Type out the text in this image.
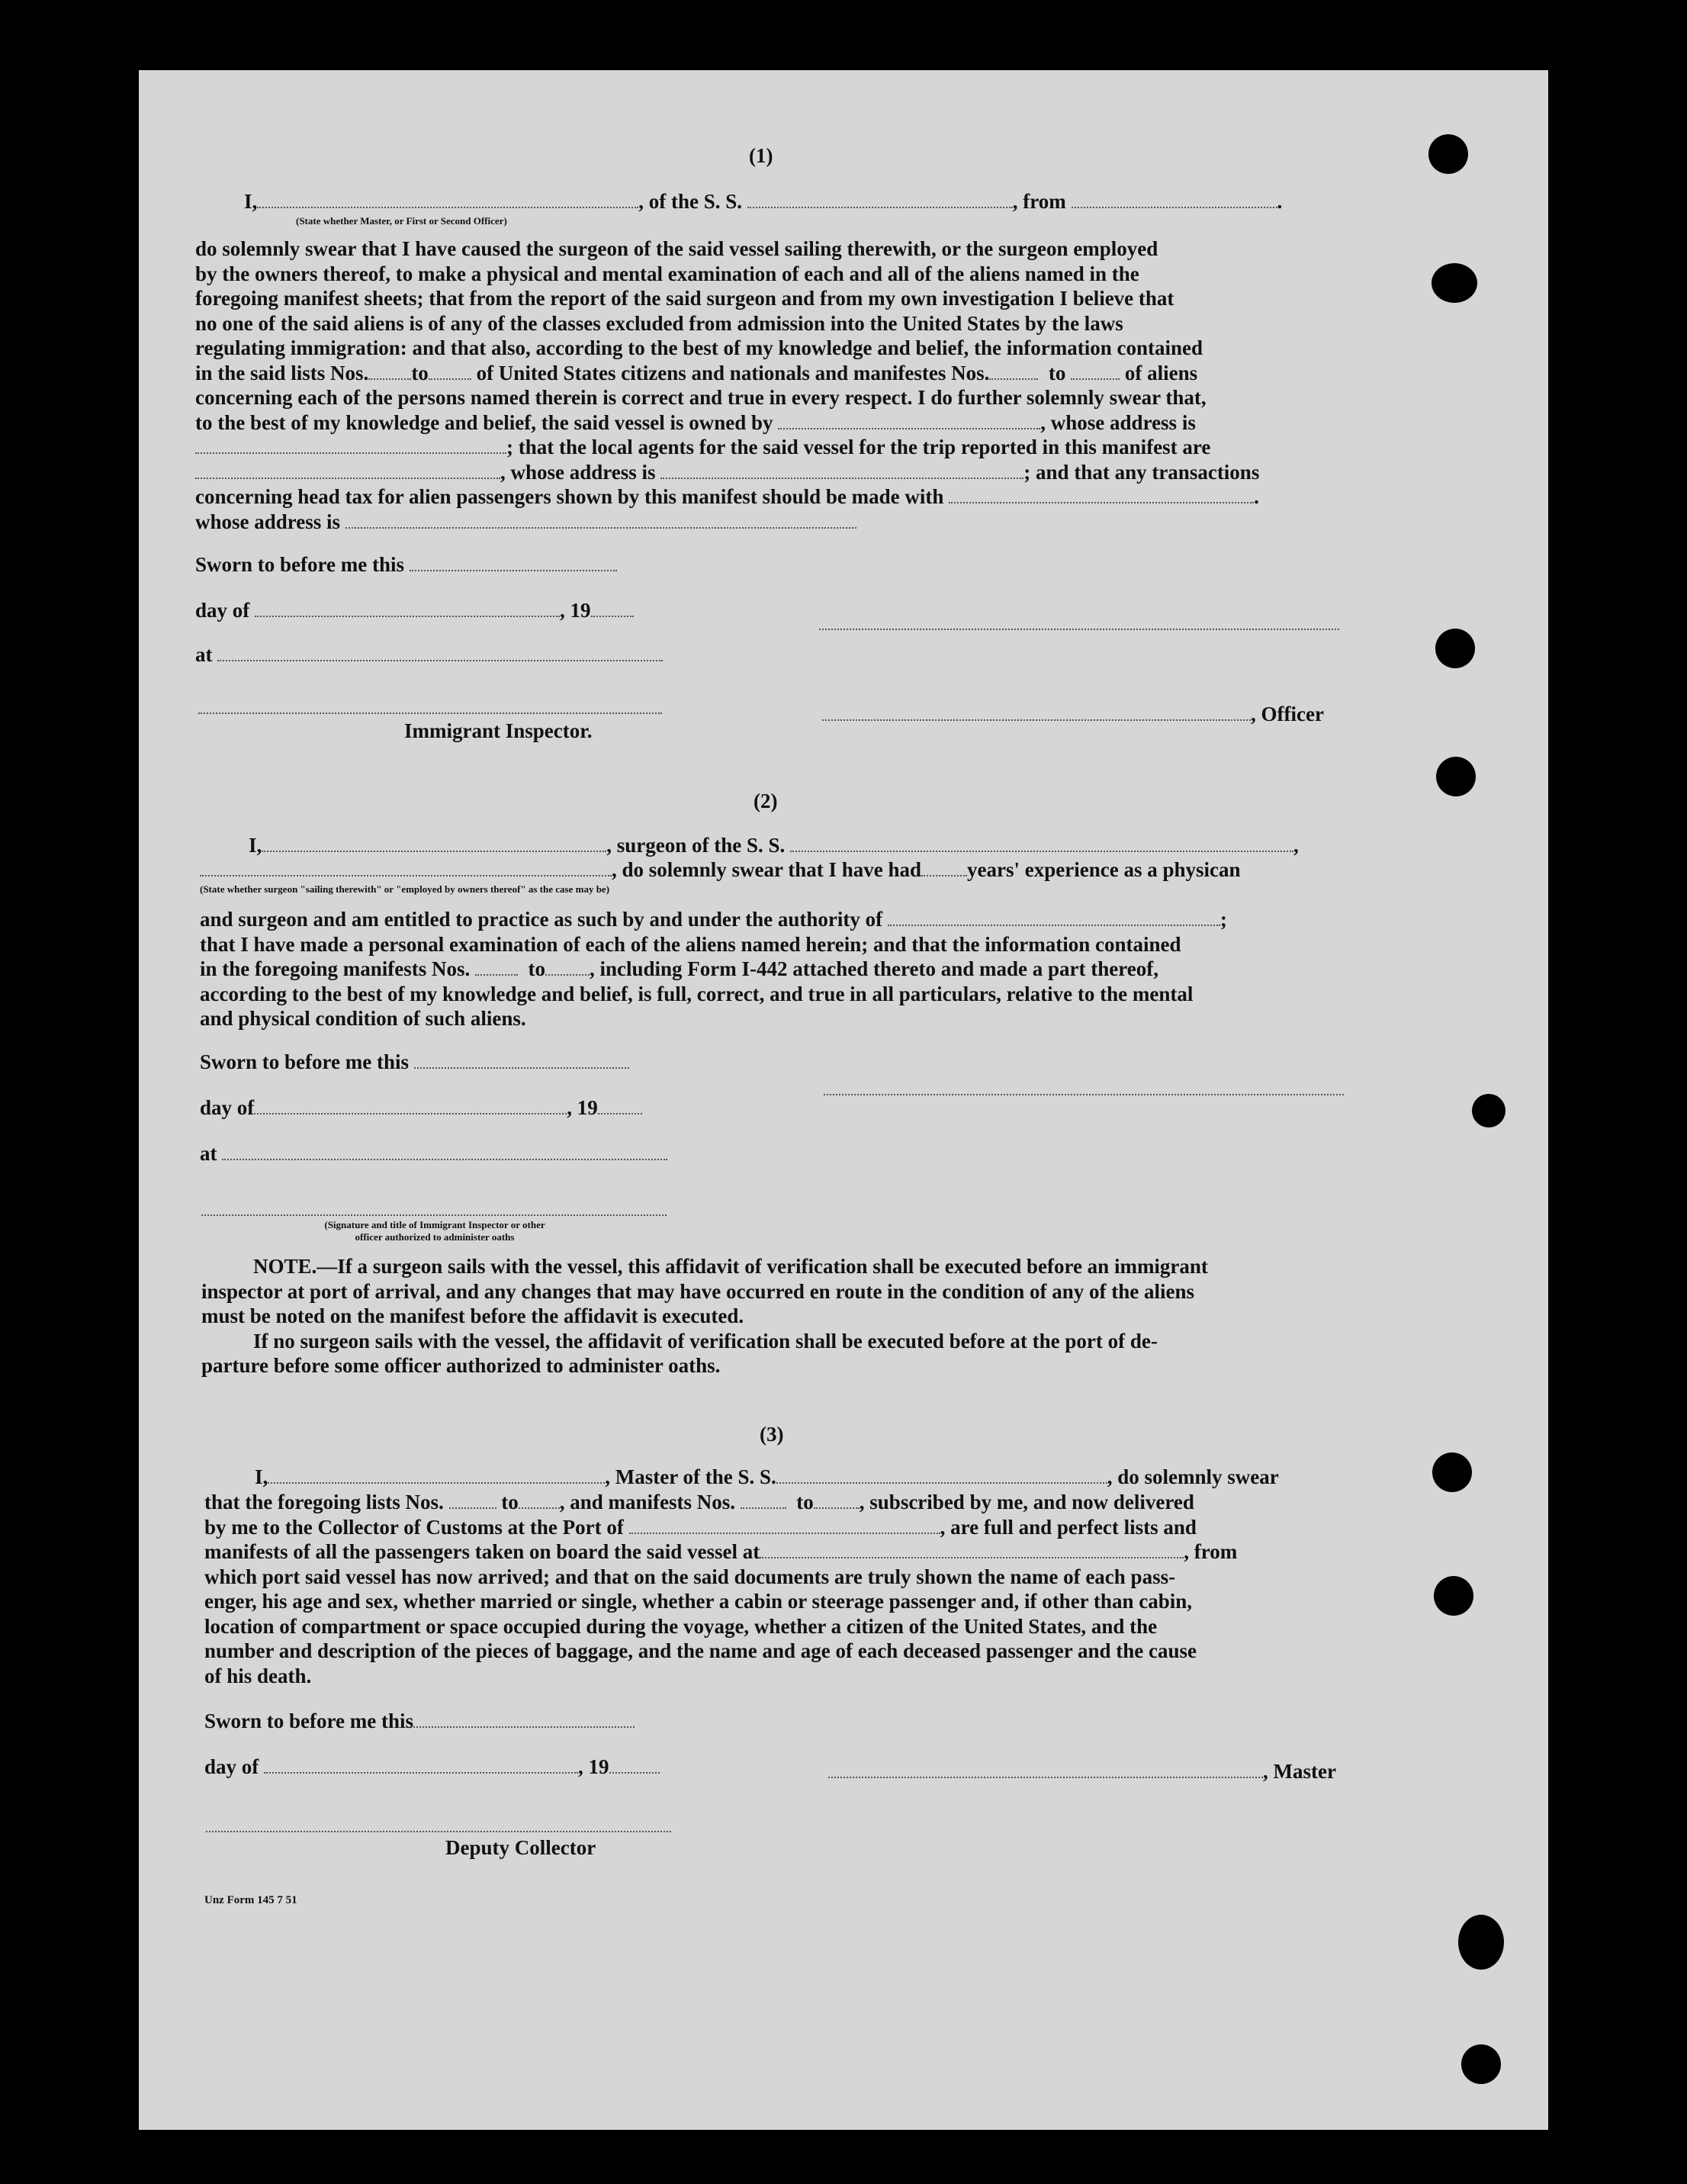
(1)
I,	, of the S. S.	, from	.
(State whether Master, or First or Second Officer)
do solemnly swear that I have caused the surgeon of the said vessel sailing therewith, or the surgeon employed
by the owners thereof, to make a physical and mental examination of each and all of the aliens named in the
foregoing manifest sheets; that from the report of the said surgeon and from my own investigation I believe that
no one of the said aliens is of any of the classes excluded from admission into the United States by the laws
regulating immigration: and that also, according to the best of my knowledge and belief, the information contained
in the said lists Nos. to of United States citizens and nationals and manifestes Nos.	to	of aliens
concerning each of the persons named therein is correct and true in every respect. I do further solemnly swear that,
to the best of my knowledge and belief, the said vessel is owned by	, whose address is
; that the local agents for the said vessel for the trip reported in this manifest are
, whose address is	; and that any transactions
concerning head tax for alien passengers shown by this manifest should be made with	.
whose address is
Sworn to before me this
day of	, 19
at
, Officer
Immigrant Inspector.
(2)
I,	, surgeon of the S. S.	,
, do solemnly swear that I have had years' experience as a physican
(State whether surgeon "sailing therewith" or "employed by owners thereof" as the case may be)
and surgeon and am entitled to practice as such by and under the authority of	;
that I have made a personal examination of each of the aliens named herein; and that the information contained
in the foregoing manifests Nos.	to , including Form I-442 attached thereto and made a part thereof,
according to the best of my knowledge and belief, is full, correct, and true in all particulars, relative to the mental
and physical condition of such aliens.
Sworn to before me this
day of	, 19
at
(Signature and title of Immigrant Inspector or other
officer authorized to administer oaths
NOTE.—If a surgeon sails with the vessel, this affidavit of verification shall be executed before an immigrant
inspector at port of arrival, and any changes that may have occurred en route in the condition of any of the aliens
must be noted on the manifest before the affidavit is executed.
If no surgeon sails with the vessel, the affidavit of verification shall be executed before at the port of de-
parture before some officer authorized to administer oaths.
(3)
I,	, Master of the S. S.	, do solemnly swear
that the foregoing lists Nos.	to , and manifests Nos.	to , subscribed by me, and now delivered
by me to the Collector of Customs at the Port of	, are full and perfect lists and
manifests of all the passengers taken on board the said vessel at	, from
which port said vessel has now arrived; and that on the said documents are truly shown the name of each pass-
enger, his age and sex, whether married or single, whether a cabin or steerage passenger and, if other than cabin,
location of compartment or space occupied during the voyage, whether a citizen of the United States, and the
number and description of the pieces of baggage, and the name and age of each deceased passenger and the cause
of his death.
Sworn to before me this
day of	, 19	, Master
Deputy Collector
Unz Form 145 7 51
